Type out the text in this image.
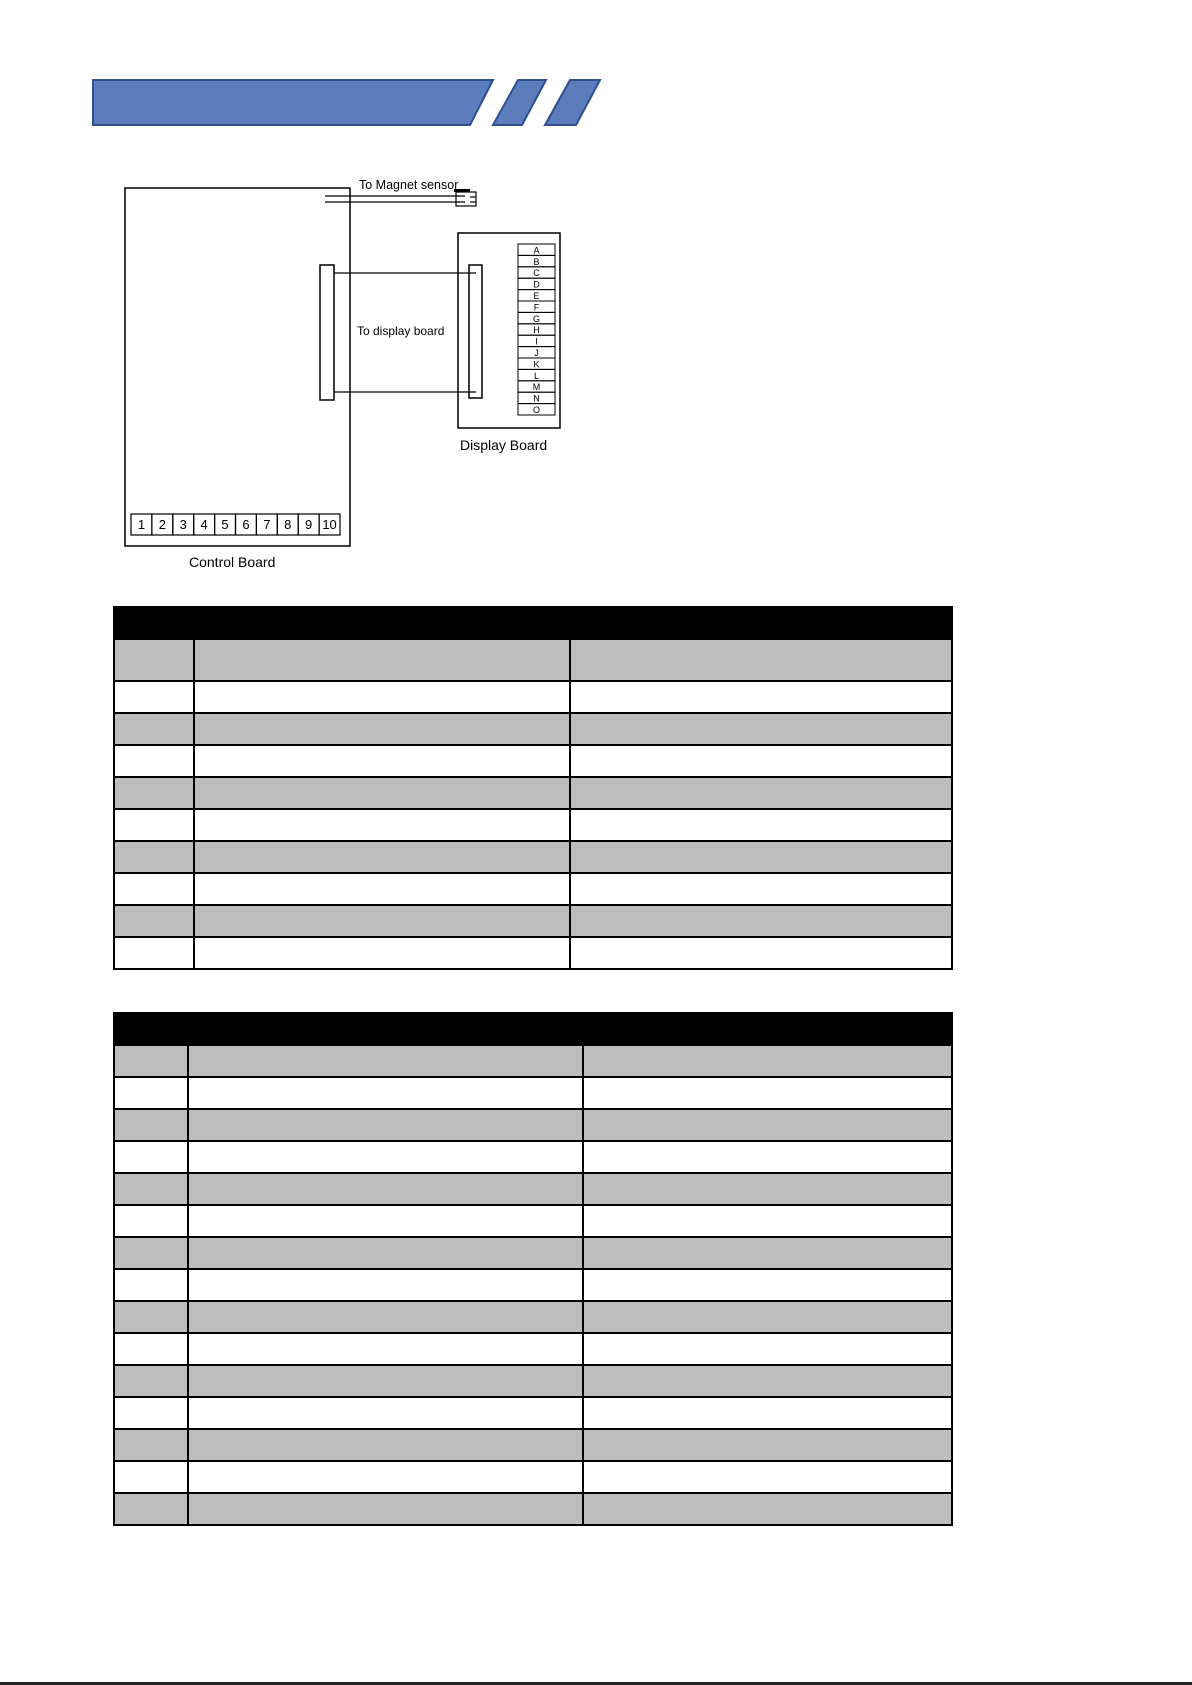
To Magnet sensor
A
B
C
D
E
F
G
H
I
J
K
L
M
N
O
To display board
Display Board
Control Board
1 2 3 4 5 6 7 8 9 10
